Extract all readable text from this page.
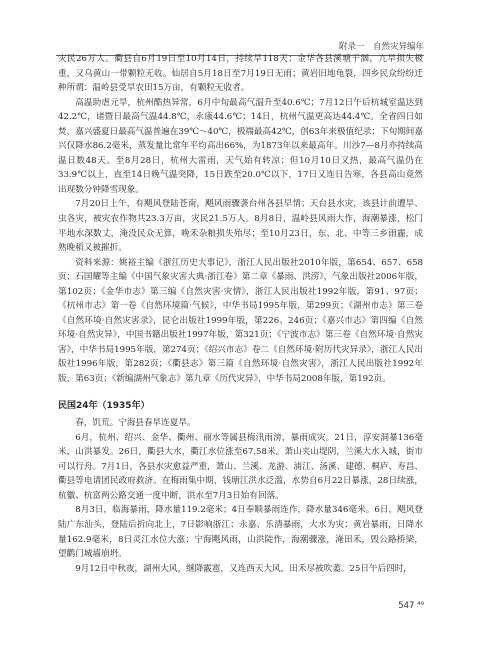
附录一　自然灾异编年

灾民26万人。衢县自6月19日至10月14日，持续旱118天；金华各县溪塘干涸，亢旱损失极重，又乌黄山一带颗粒无收。仙居自5月18日至7月19日无雨；黄岩旧地龟裂，四乡民众纷纷迁种所谓：温岭县受旱农田15万亩，有颗粒无收者。

高温助虐元旱，杭州酷热异常，6月中旬最高气温升至40.6℃；7月12日午后杭城室温达到42.2℃，诸暨日最高气温44.8℃，永康44.6℃；14日，杭州气温更高达44.4℃。全省四日如焚，嘉兴盛夏日最高气温普遍在39℃～40℃，极端最高42℃，创63年来极值纪录；下旬期间嘉兴仅降水86.2毫米，蒸发量比常年平均高出66%，为1873年以来最高年。川沙7—8月亦持续高温日数48天。至8月28日，杭州大雷雨，天气始有转凉；但10月10日又热，最高气温仍在33.9℃以上，直至14日晚气温突降，15日跌至20.0℃以下，17日又连日告寒，各县高山竟然出现数分钟降雪现象。

7月20日上午，有飓风登陆苍南，飓风雨骤袭台州各县早情；天台县水灾，该县计前遭旱、虫各灾，被灾农作物共23.3万亩，灾民21.5万人。8月8日，温岭县风雨大作，海潮暴涨，松门平地水深数丈，淹没民众无算，晚禾杂粮损失殆尽；至10月23日，东、北、中等三乡雨霾，成熟晚稻又被摧折。

资料来源：姚裕主编《浙江历史大事记》，浙江人民出版社2010年版，第654、657、658页；石国耀等主编《中国气象灾害大典·浙江卷》第二章《暴雨、洪涝》，气象出版社2006年版，第102页；《金华市志》第三编《自然灾害·灾情》，浙江人民出版社1992年版，第91、97页；《杭州市志》第一卷《自然环境篇·气候》，中华书局1995年版，第299页；《湖州市志》第三卷《自然环境·自然灾害录》，昆仑出版社1999年版，第226、246页；《嘉兴市志》第四编《自然环境·自然灾异》，中国书籍出版社1997年版，第321页；《宁波市志》第三卷《自然环境·自然灾害》，中华书局1995年版，第274页；《绍兴市志》卷二《自然环境·附历代灾异录》，浙江人民出版社1996年版，第282页；《衢县志》第三篇《自然环境·自然灾害》，浙江人民出版社1992年版，第63页；《新编湖州气象志》第九章《历代灾异》，中华书局2008年版，第192页。

民国24年（1935年）

春，饥荒。宁海县春旱连夏旱。

6月，杭州、绍兴、金华、衢州、丽水等属县梅汛雨滂，暴雨成灾。21日，淳安洞暴136毫米，山洪暴发。26日，衢县大水，衢江水位涨至67.58米。萧山夹山堤阴，兰溪大水入城，街市可以行舟。7月1日，各县水灾愈益严重，萧山、兰溪、龙游、浦江、汤溪、建德、桐庐、寿昌、衢县等电请团民政府救济。在梅雨集中期，钱塘江洪水泛滥，水势自6月22日暴涨，28日续涨，杭徽、杭富两公路交通一度中断，洪水至7月3日始有回落。

8月3日，临海暴雨，降水量119.2毫米；4日奉顺暴雨连作，降水量346毫米。6日，飓风登陆广东汕头，登陆后折向北上，7日影响浙江；永嘉、乐清暴雨，大水为灾；黄岩暴雨，日降水量162.9毫米，8日灵江水位大涨；宁海飓风雨，山洪陡作，海潮骤涨，淹田禾，毁公路桥梁，望鹳门城墙崩坍。

9月12日中秋夜，湖州大风，继降霰雹，又连西天大风，田禾尽被吹萎。25日午后四时，

547 ⁴⁹
